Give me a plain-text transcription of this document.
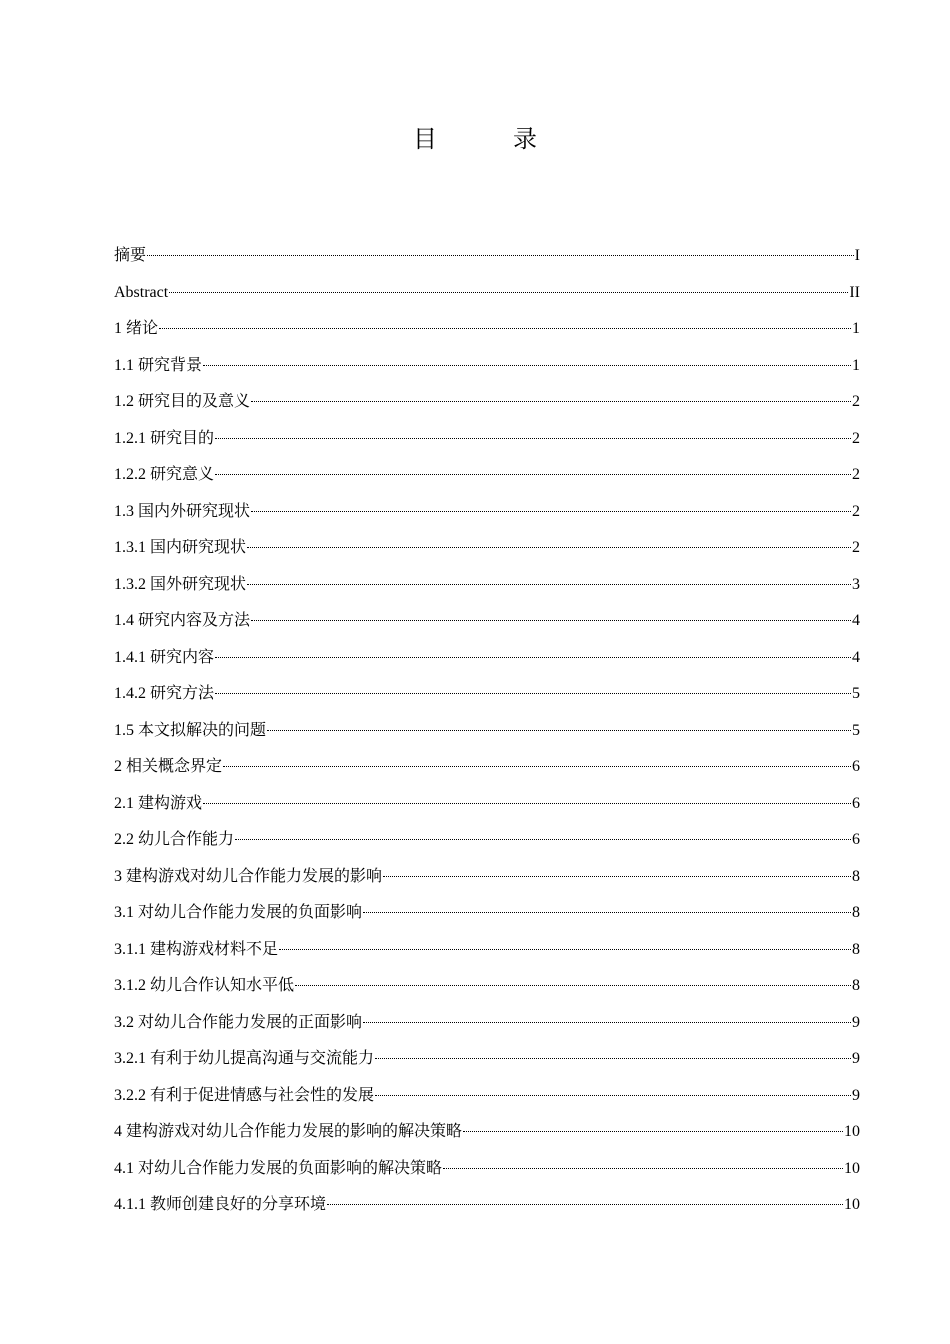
目　录
摘要	I
Abstract	II
1 绪论	1
1.1 研究背景	1
1.2 研究目的及意义	2
1.2.1 研究目的	2
1.2.2 研究意义	2
1.3 国内外研究现状	2
1.3.1 国内研究现状	2
1.3.2 国外研究现状	3
1.4 研究内容及方法	4
1.4.1 研究内容	4
1.4.2 研究方法	5
1.5 本文拟解决的问题	5
2 相关概念界定	6
2.1 建构游戏	6
2.2 幼儿合作能力	6
3 建构游戏对幼儿合作能力发展的影响	8
3.1 对幼儿合作能力发展的负面影响	8
3.1.1 建构游戏材料不足	8
3.1.2 幼儿合作认知水平低	8
3.2 对幼儿合作能力发展的正面影响	9
3.2.1 有利于幼儿提高沟通与交流能力	9
3.2.2 有利于促进情感与社会性的发展	9
4 建构游戏对幼儿合作能力发展的影响的解决策略	10
4.1 对幼儿合作能力发展的负面影响的解决策略	10
4.1.1 教师创建良好的分享环境	10
